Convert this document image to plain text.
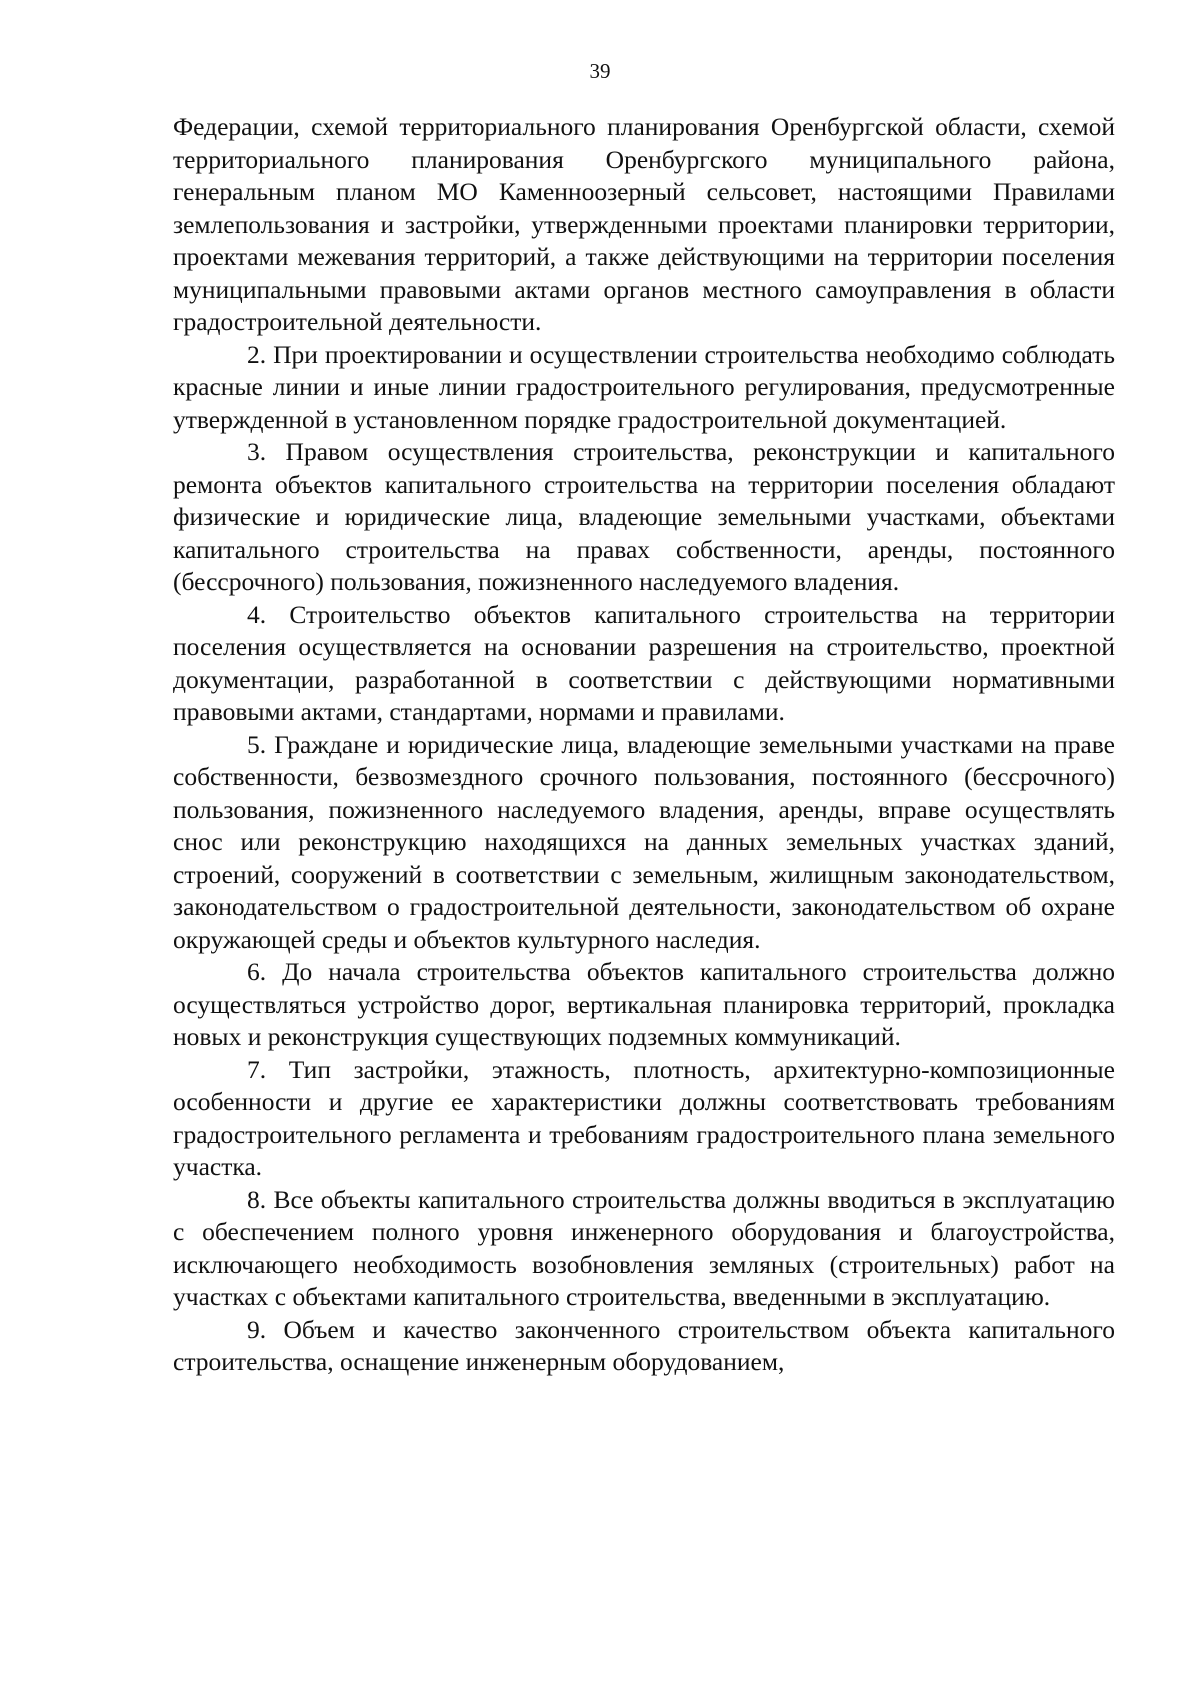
39

Федерации, схемой территориального планирования Оренбургской области, схемой территориального планирования Оренбургского муниципального района, генеральным планом МО Каменноозерный сельсовет, настоящими Правилами землепользования и застройки, утвержденными проектами планировки территории, проектами межевания территорий, а также действующими на территории поселения муниципальными правовыми актами органов местного самоуправления в области градостроительной деятельности.

2. При проектировании и осуществлении строительства необходимо соблюдать красные линии и иные линии градостроительного регулирования, предусмотренные утвержденной в установленном порядке градостроительной документацией.

3. Правом осуществления строительства, реконструкции и капитального ремонта объектов капитального строительства на территории поселения обладают физические и юридические лица, владеющие земельными участками, объектами капитального строительства на правах собственности, аренды, постоянного (бессрочного) пользования, пожизненного наследуемого владения.

4. Строительство объектов капитального строительства на территории поселения осуществляется на основании разрешения на строительство, проектной документации, разработанной в соответствии с действующими нормативными правовыми актами, стандартами, нормами и правилами.

5. Граждане и юридические лица, владеющие земельными участками на праве собственности, безвозмездного срочного пользования, постоянного (бессрочного) пользования, пожизненного наследуемого владения, аренды, вправе осуществлять снос или реконструкцию находящихся на данных земельных участках зданий, строений, сооружений в соответствии с земельным, жилищным законодательством, законодательством о градостроительной деятельности, законодательством об охране окружающей среды и объектов культурного наследия.

6. До начала строительства объектов капитального строительства должно осуществляться устройство дорог, вертикальная планировка территорий, прокладка новых и реконструкция существующих подземных коммуникаций.

7. Тип застройки, этажность, плотность, архитектурно-композиционные особенности и другие ее характеристики должны соответствовать требованиям градостроительного регламента и требованиям градостроительного плана земельного участка.

8. Все объекты капитального строительства должны вводиться в эксплуатацию с обеспечением полного уровня инженерного оборудования и благоустройства, исключающего необходимость возобновления земляных (строительных) работ на участках с объектами капитального строительства, введенными в эксплуатацию.

9. Объем и качество законченного строительством объекта капитального строительства, оснащение инженерным оборудованием,
